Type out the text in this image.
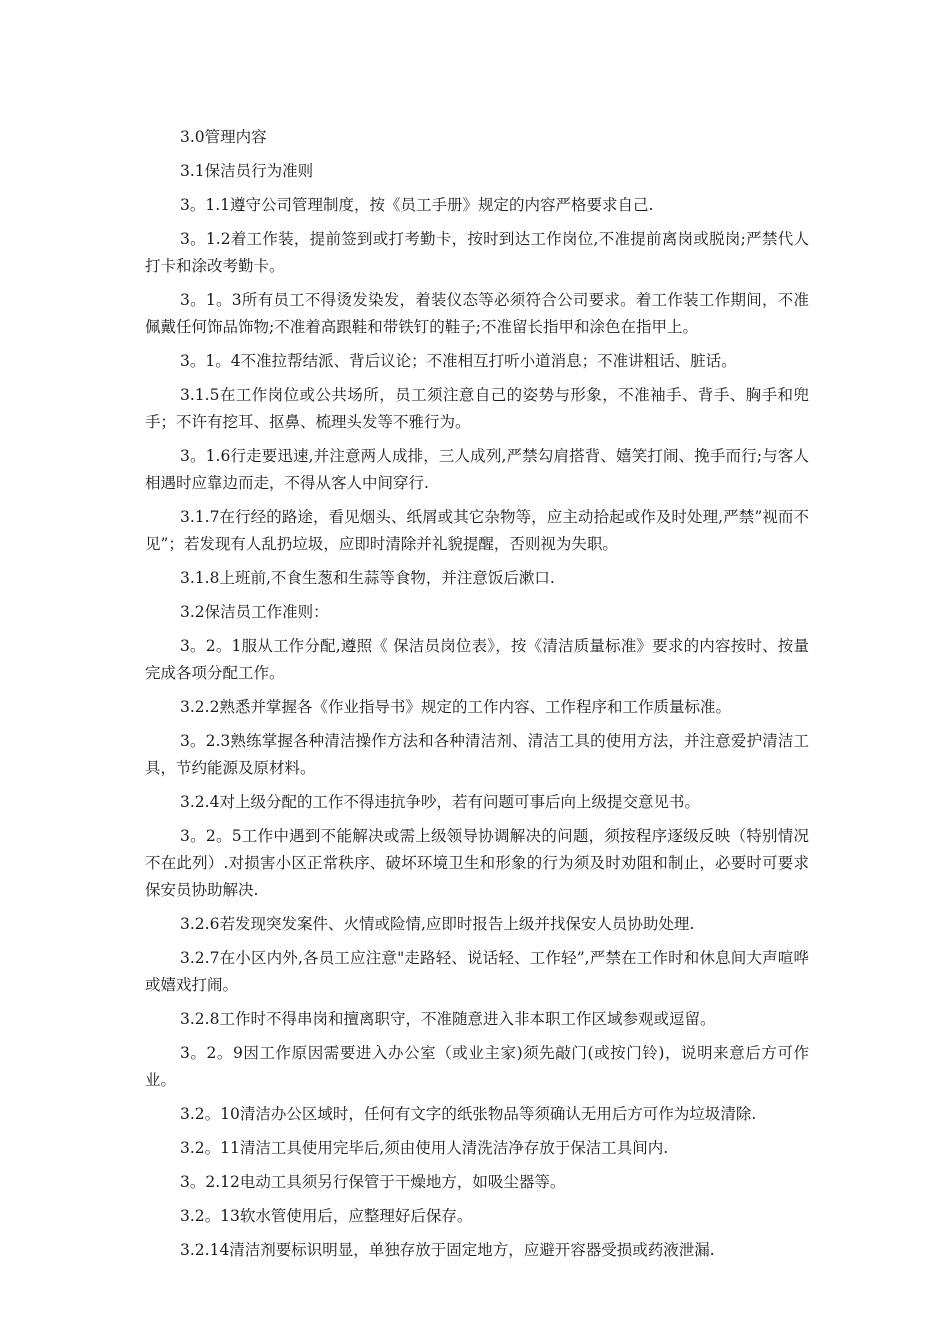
3.0管理内容

3.1保洁员行为准则

3。1.1遵守公司管理制度，按《员工手册》规定的内容严格要求自己.

3。1.2着工作装，提前签到或打考勤卡，按时到达工作岗位,不准提前离岗或脱岗;严禁代人打卡和涂改考勤卡。

3。1。3所有员工不得烫发染发，着装仪态等必须符合公司要求。着工作装工作期间，不准佩戴任何饰品饰物;不准着高跟鞋和带铁钉的鞋子;不准留长指甲和涂色在指甲上。

3。1。4不准拉帮结派、背后议论；不准相互打听小道消息；不准讲粗话、脏话。

3.1.5在工作岗位或公共场所，员工须注意自己的姿势与形象，不准袖手、背手、胸手和兜手；不许有挖耳、抠鼻、梳理头发等不雅行为。

3。1.6行走要迅速,并注意两人成排，三人成列,严禁勾肩搭背、嬉笑打闹、挽手而行;与客人相遇时应靠边而走，不得从客人中间穿行.

3.1.7在行经的路途，看见烟头、纸屑或其它杂物等，应主动拾起或作及时处理,严禁”视而不见”；若发现有人乱扔垃圾，应即时清除并礼貌提醒，否则视为失职。

3.1.8上班前,不食生葱和生蒜等食物，并注意饭后漱口.

3.2保洁员工作准则：

3。2。1服从工作分配,遵照《 保洁员岗位表》，按《清洁质量标准》要求的内容按时、按量完成各项分配工作。

3.2.2熟悉并掌握各《作业指导书》规定的工作内容、工作程序和工作质量标准。

3。2.3熟练掌握各种清洁操作方法和各种清洁剂、清洁工具的使用方法，并注意爱护清洁工具，节约能源及原材料。

3.2.4对上级分配的工作不得违抗争吵，若有问题可事后向上级提交意见书。

3。2。5工作中遇到不能解决或需上级领导协调解决的问题，须按程序逐级反映（特别情况不在此列）.对损害小区正常秩序、破坏环境卫生和形象的行为须及时劝阻和制止，必要时可要求保安员协助解决.

3.2.6若发现突发案件、火情或险情,应即时报告上级并找保安人员协助处理.

3.2.7在小区内外,各员工应注意"走路轻、说话轻、工作轻”,严禁在工作时和休息间大声喧哗或嬉戏打闹。

3.2.8工作时不得串岗和擅离职守，不准随意进入非本职工作区域参观或逗留。

3。2。9因工作原因需要进入办公室（或业主家)须先敲门(或按门铃)，说明来意后方可作业。

3.2。10清洁办公区域时，任何有文字的纸张物品等须确认无用后方可作为垃圾清除.

3.2。11清洁工具使用完毕后,须由使用人清洗洁净存放于保洁工具间内.

3。2.12电动工具须另行保管于干燥地方，如吸尘器等。

3.2。13软水管使用后，应整理好后保存。

3.2.14清洁剂要标识明显，单独存放于固定地方，应避开容器受损或药液泄漏.
